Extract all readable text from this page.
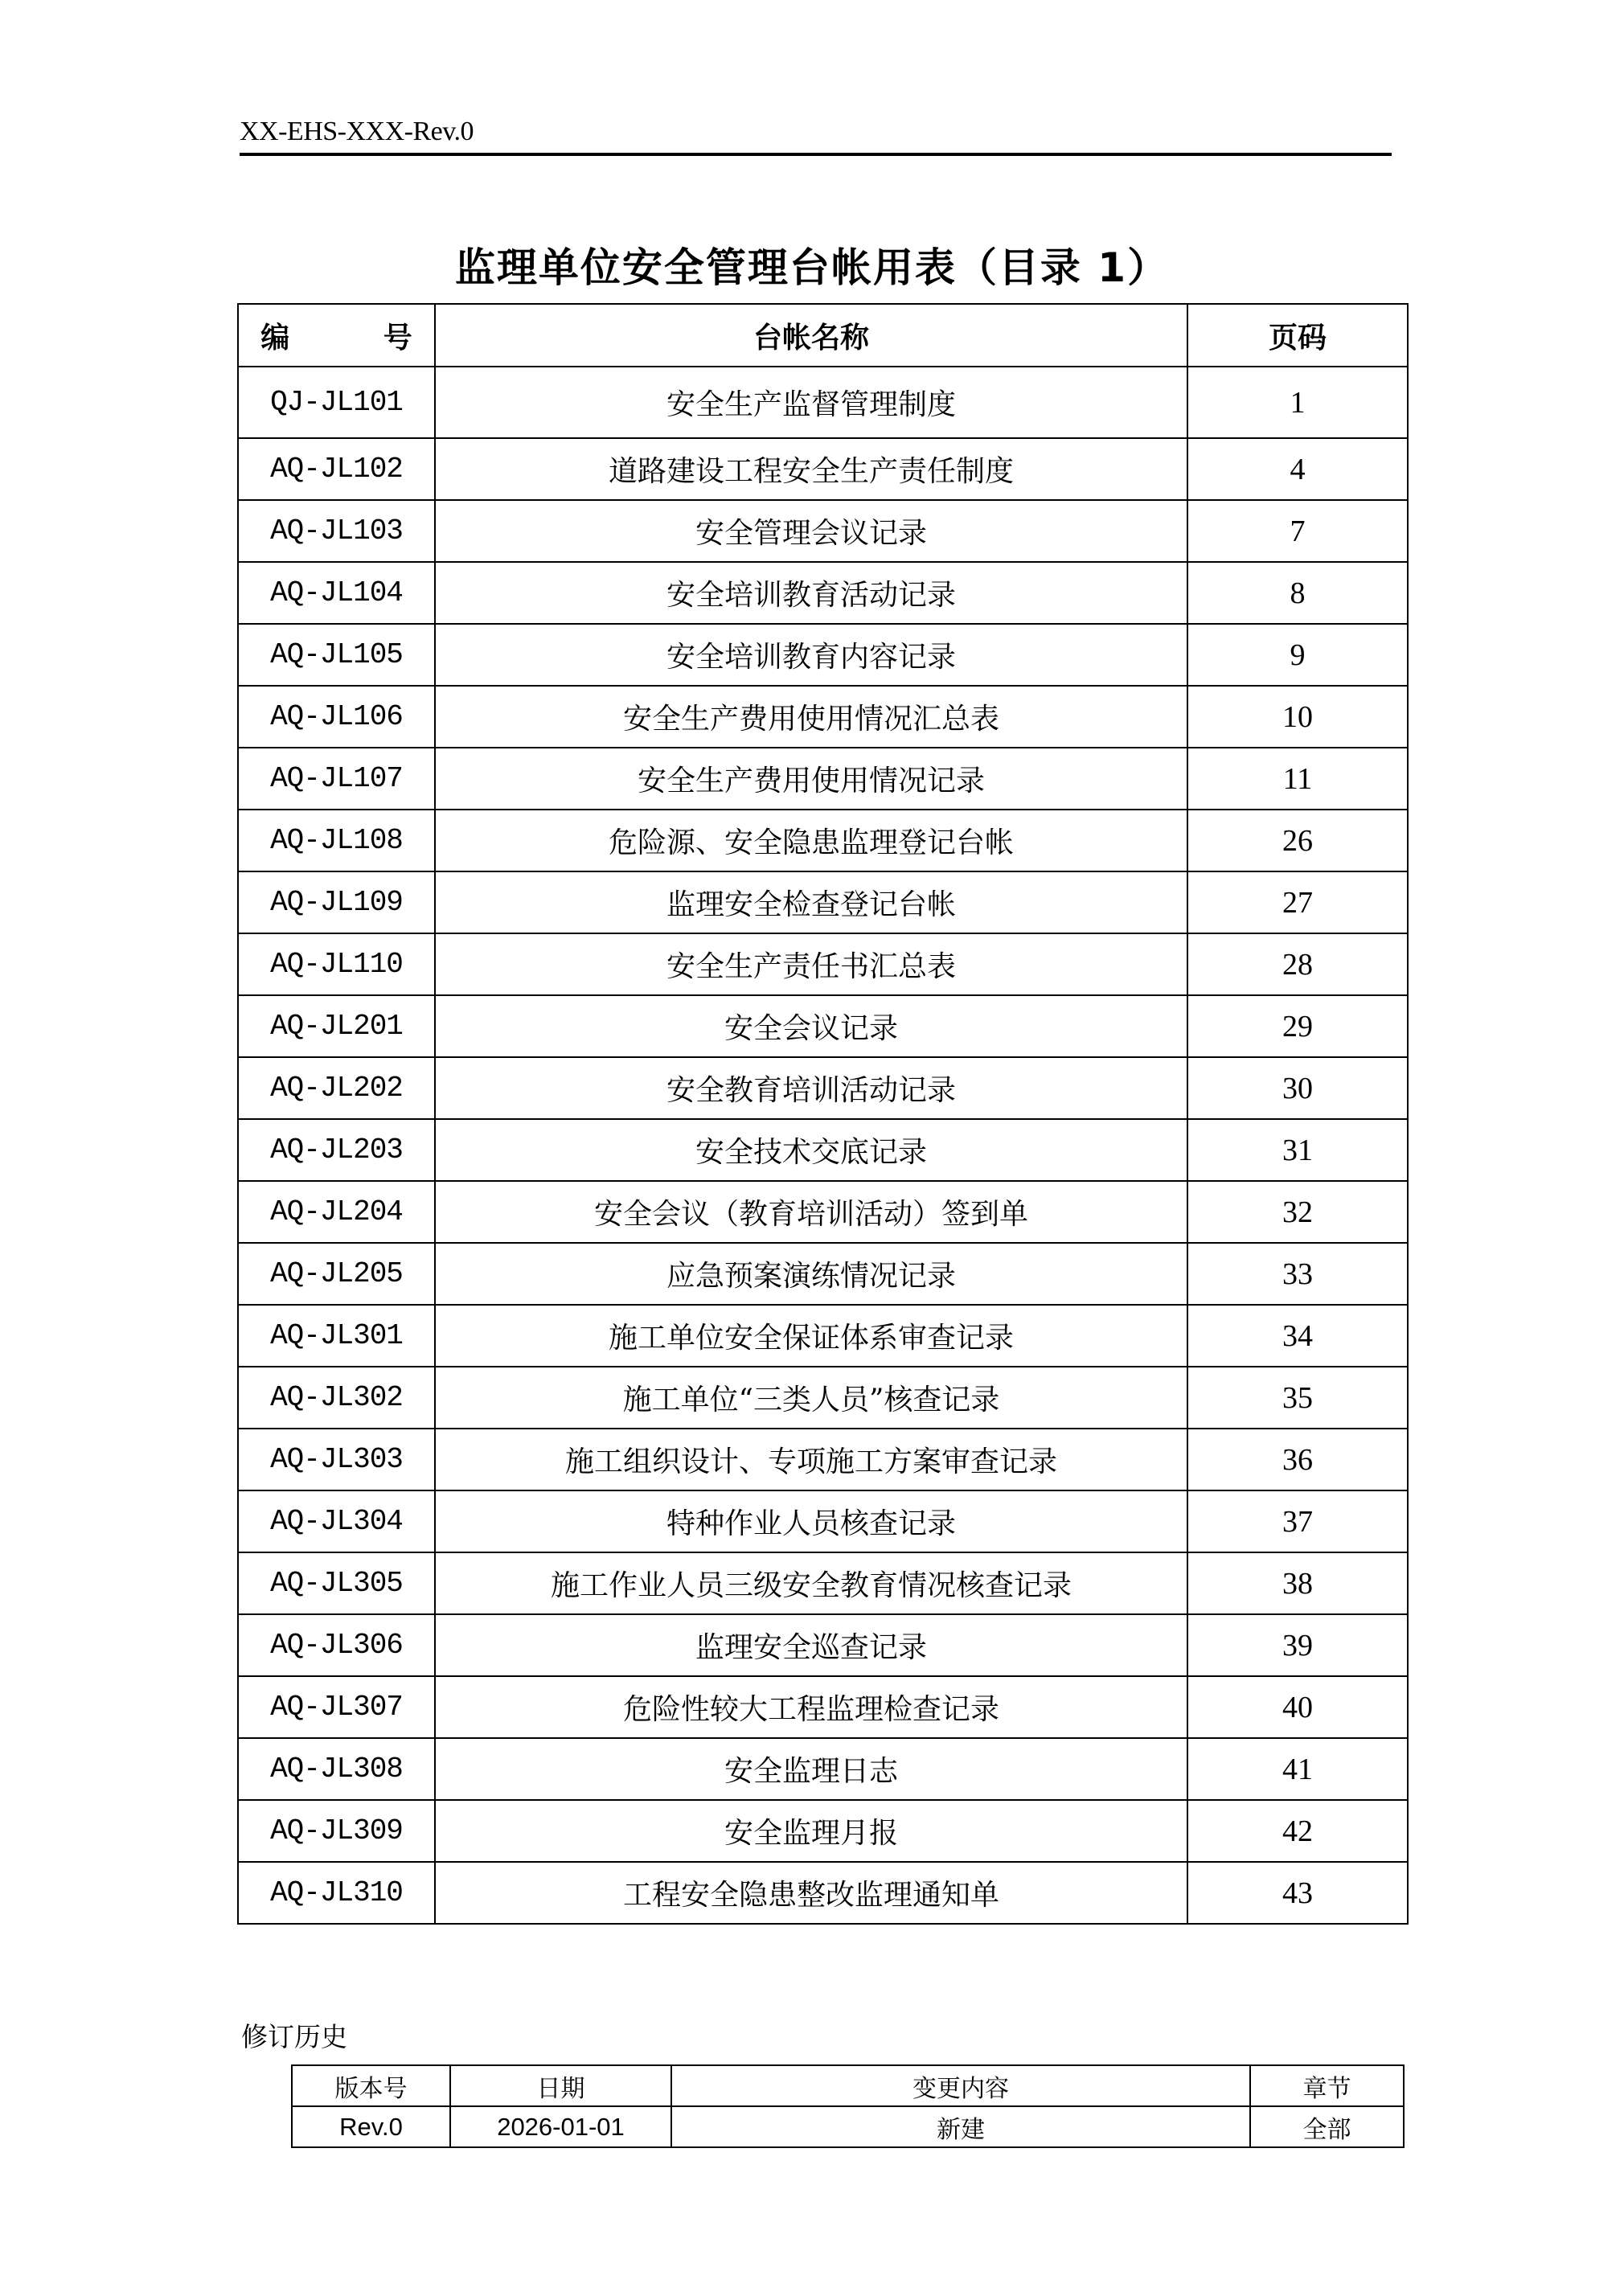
XX-EHS-XXX-Rev.0
监理单位安全管理台帐用表（目录 1）
编 号	台帐名称	页码
QJ-JL101	安全生产监督管理制度	1
AQ-JL102	道路建设工程安全生产责任制度	4
AQ-JL103	安全管理会议记录	7
AQ-JL104	安全培训教育活动记录	8
AQ-JL105	安全培训教育内容记录	9
AQ-JL106	安全生产费用使用情况汇总表	10
AQ-JL107	安全生产费用使用情况记录	11
AQ-JL108	危险源、安全隐患监理登记台帐	26
AQ-JL109	监理安全检查登记台帐	27
AQ-JL110	安全生产责任书汇总表	28
AQ-JL201	安全会议记录	29
AQ-JL202	安全教育培训活动记录	30
AQ-JL203	安全技术交底记录	31
AQ-JL204	安全会议（教育培训活动）签到单	32
AQ-JL205	应急预案演练情况记录	33
AQ-JL301	施工单位安全保证体系审查记录	34
AQ-JL302	施工单位“三类人员”核查记录	35
AQ-JL303	施工组织设计、专项施工方案审查记录	36
AQ-JL304	特种作业人员核查记录	37
AQ-JL305	施工作业人员三级安全教育情况核查记录	38
AQ-JL306	监理安全巡查记录	39
AQ-JL307	危险性较大工程监理检查记录	40
AQ-JL308	安全监理日志	41
AQ-JL309	安全监理月报	42
AQ-JL310	工程安全隐患整改监理通知单	43
修订历史
版本号	日期	变更内容	章节
Rev.0	2026-01-01	新建	全部
